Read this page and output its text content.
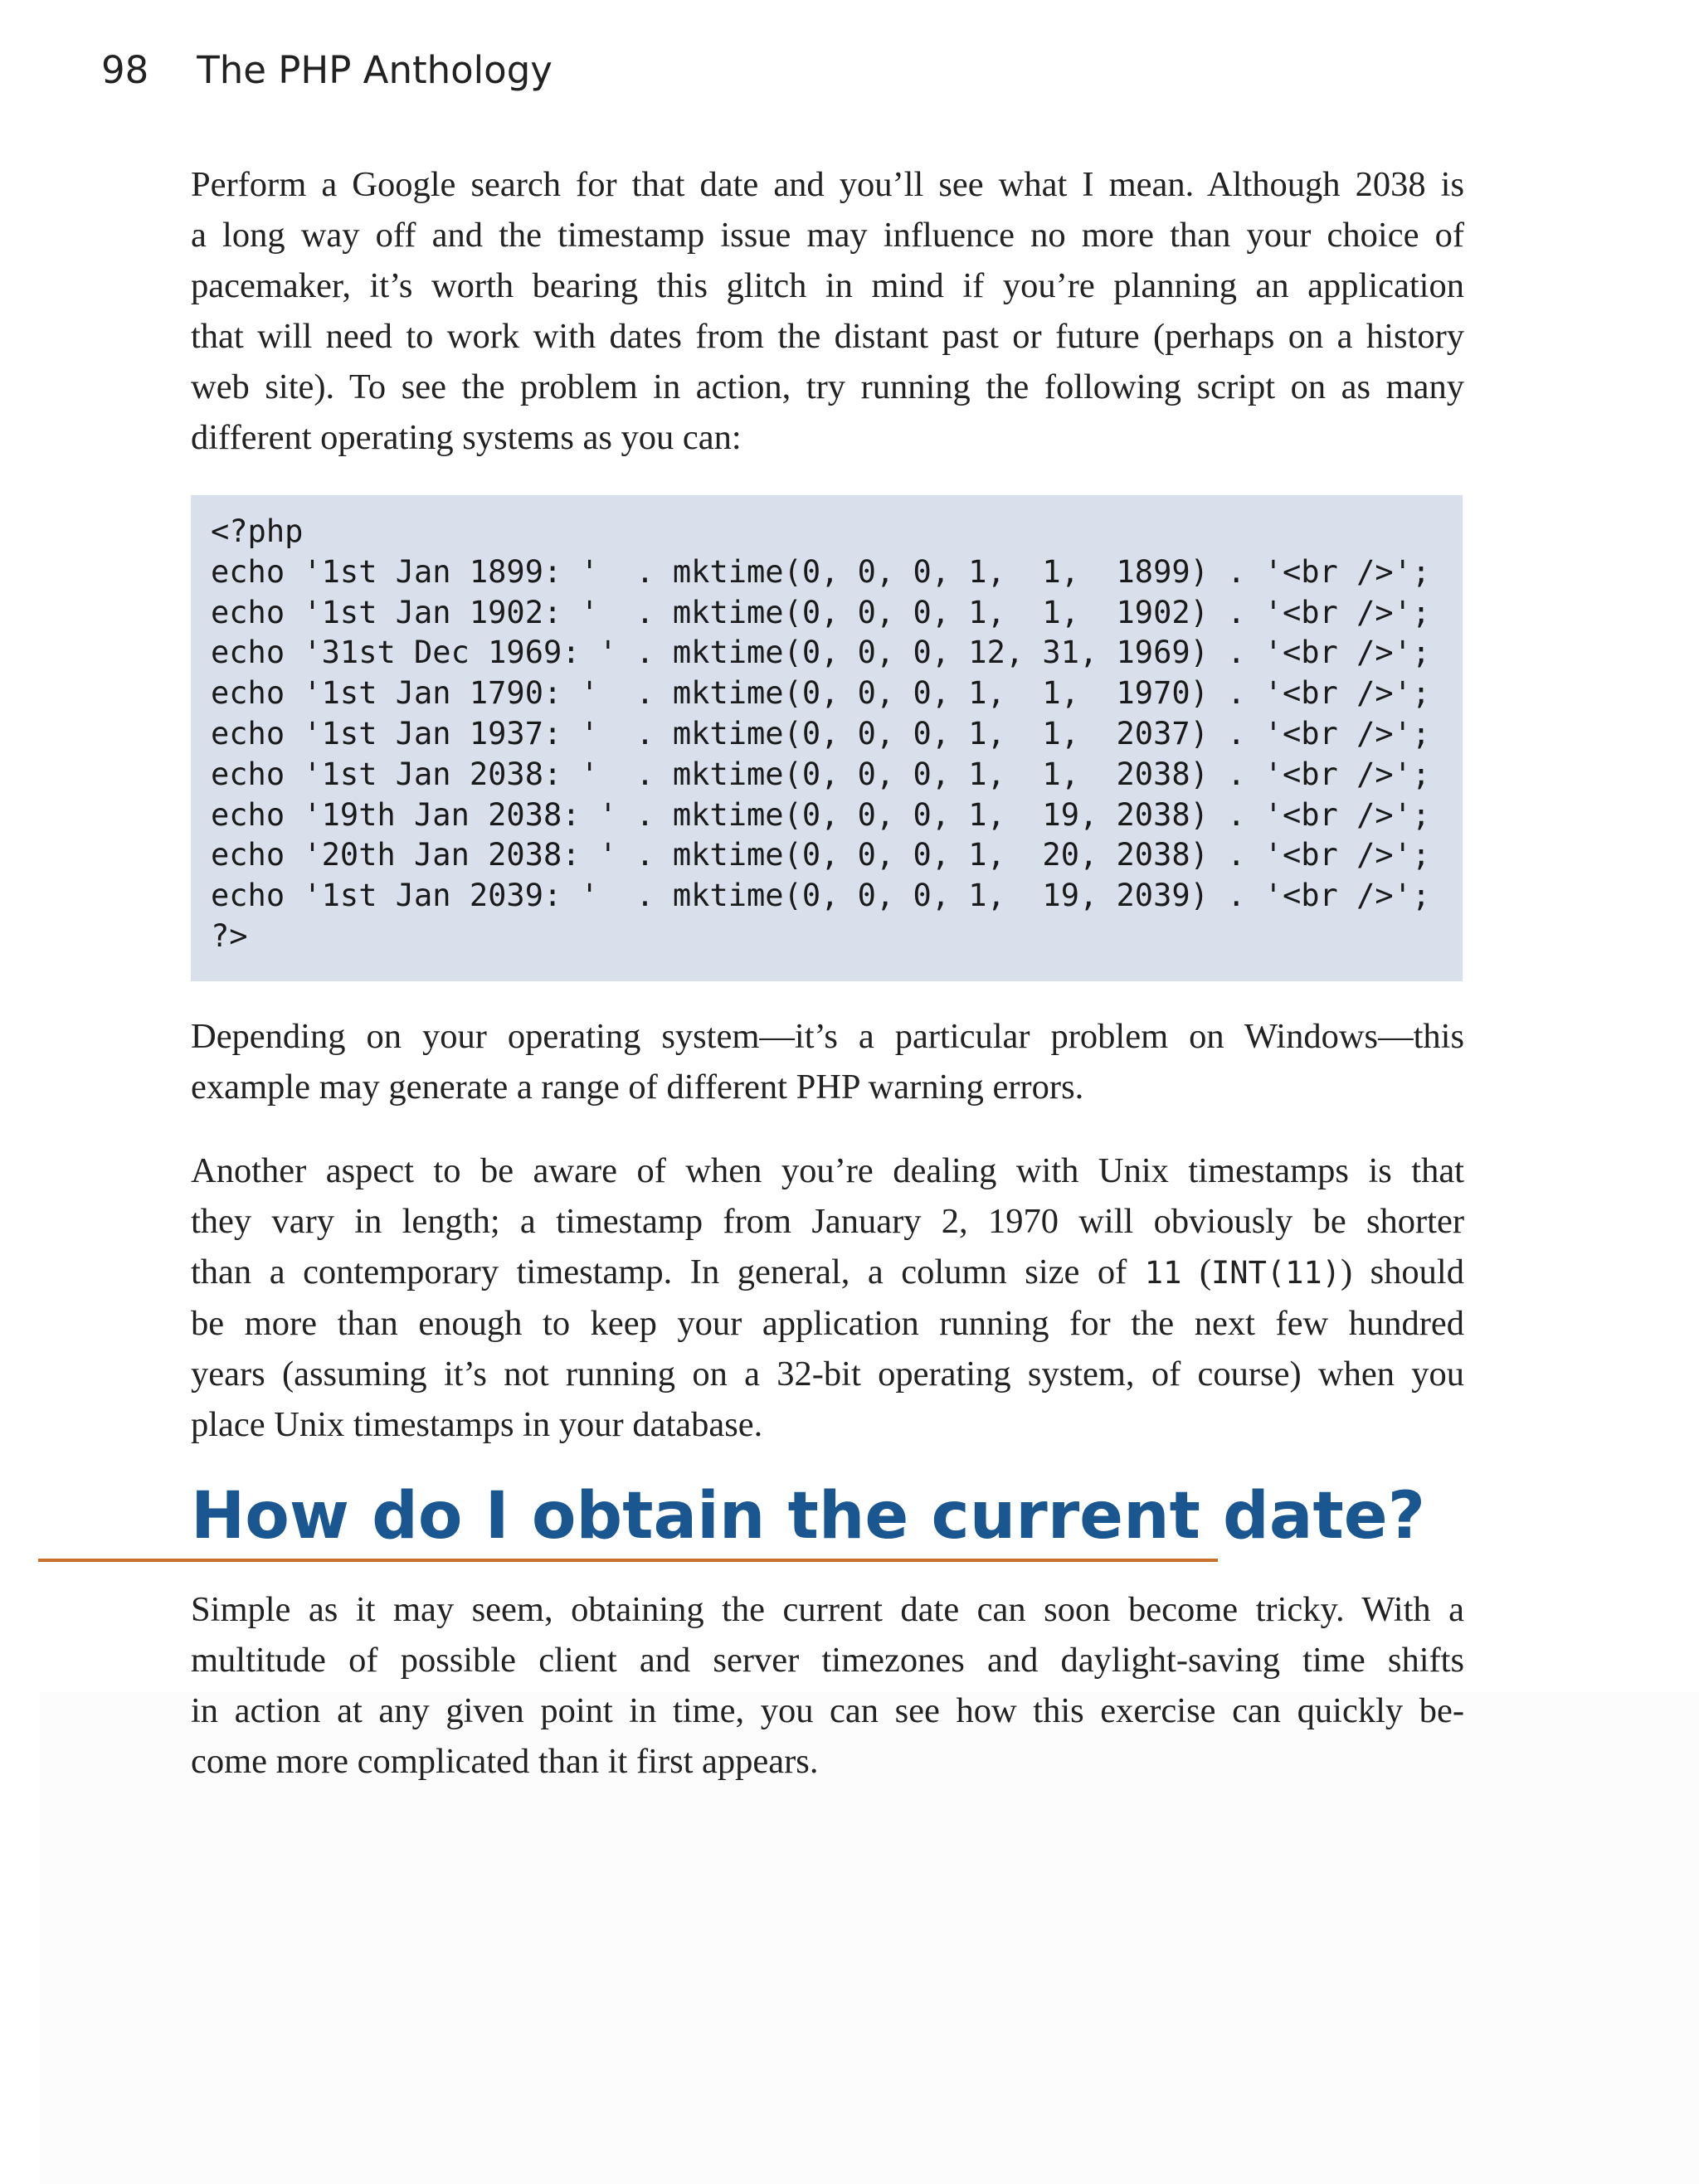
98 The PHP Anthology

Perform a Google search for that date and you’ll see what I mean. Although 2038 is
a long way off and the timestamp issue may influence no more than your choice of
pacemaker, it’s worth bearing this glitch in mind if you’re planning an application
that will need to work with dates from the distant past or future (perhaps on a history
web site). To see the problem in action, try running the following script on as many
different operating systems as you can:

<?php
echo '1st Jan 1899: '  . mktime(0, 0, 0, 1,  1,  1899) . '<br />';
echo '1st Jan 1902: '  . mktime(0, 0, 0, 1,  1,  1902) . '<br />';
echo '31st Dec 1969: ' . mktime(0, 0, 0, 12, 31, 1969) . '<br />';
echo '1st Jan 1790: '  . mktime(0, 0, 0, 1,  1,  1970) . '<br />';
echo '1st Jan 1937: '  . mktime(0, 0, 0, 1,  1,  2037) . '<br />';
echo '1st Jan 2038: '  . mktime(0, 0, 0, 1,  1,  2038) . '<br />';
echo '19th Jan 2038: ' . mktime(0, 0, 0, 1,  19, 2038) . '<br />';
echo '20th Jan 2038: ' . mktime(0, 0, 0, 1,  20, 2038) . '<br />';
echo '1st Jan 2039: '  . mktime(0, 0, 0, 1,  19, 2039) . '<br />';
?>

Depending on your operating system—it’s a particular problem on Windows—this
example may generate a range of different PHP warning errors.

Another aspect to be aware of when you’re dealing with Unix timestamps is that
they vary in length; a timestamp from January 2, 1970 will obviously be shorter
than a contemporary timestamp. In general, a column size of 11 (INT(11)) should
be more than enough to keep your application running for the next few hundred
years (assuming it’s not running on a 32-bit operating system, of course) when you
place Unix timestamps in your database.

How do I obtain the current date?

Simple as it may seem, obtaining the current date can soon become tricky. With a
multitude of possible client and server timezones and daylight-saving time shifts
in action at any given point in time, you can see how this exercise can quickly be-
come more complicated than it first appears.
